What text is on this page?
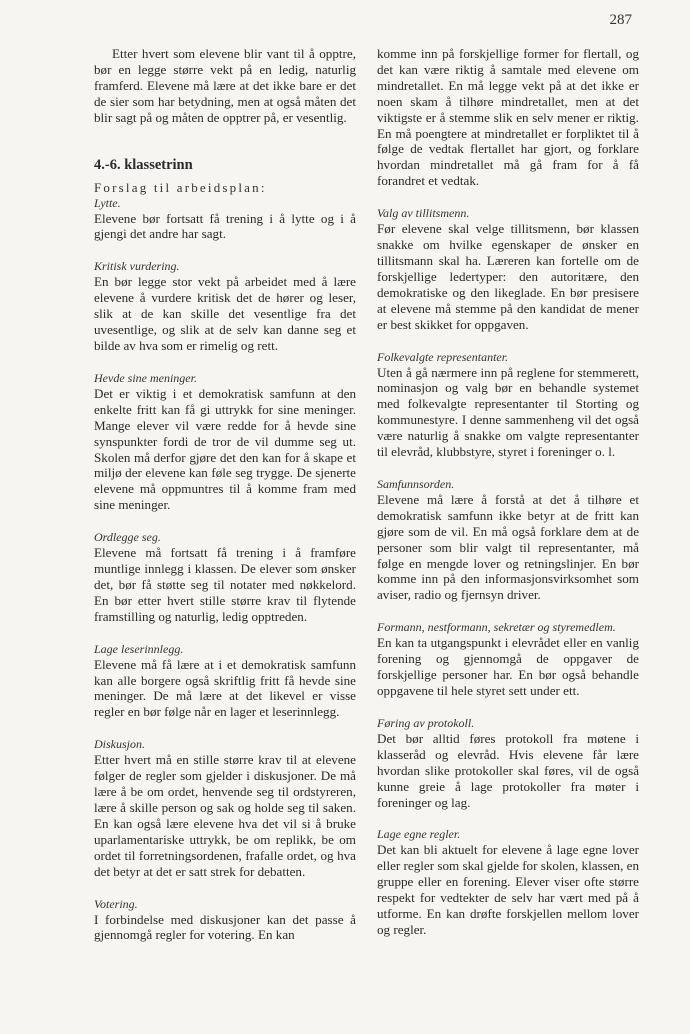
287

Etter hvert som elevene blir vant til å opptre, bør en legge større vekt på en ledig, naturlig framferd. Elevene må lære at det ikke bare er det de sier som har betydning, men at også måten det blir sagt på og måten de opptrer på, er vesentlig.

4.-6. klassetrinn

Forslag til arbeidsplan:

Lytte.

Elevene bør fortsatt få trening i å lytte og i å gjengi det andre har sagt.

Kritisk vurdering.

En bør legge stor vekt på arbeidet med å lære elevene å vurdere kritisk det de hører og leser, slik at de kan skille det vesentlige fra det uvesentlige, og slik at de selv kan danne seg et bilde av hva som er rimelig og rett.

Hevde sine meninger.

Det er viktig i et demokratisk samfunn at den enkelte fritt kan få gi uttrykk for sine meninger. Mange elever vil være redde for å hevde sine synspunkter fordi de tror de vil dumme seg ut. Skolen må derfor gjøre det den kan for å skape et miljø der elevene kan føle seg trygge. De sjenerte elevene må oppmuntres til å komme fram med sine meninger.

Ordlegge seg.

Elevene må fortsatt få trening i å framføre muntlige innlegg i klassen. De elever som ønsker det, bør få støtte seg til notater med nøkkelord. En bør etter hvert stille større krav til flytende framstilling og naturlig, ledig opptreden.

Lage leserinnlegg.

Elevene må få lære at i et demokratisk samfunn kan alle borgere også skriftlig fritt få hevde sine meninger. De må lære at det likevel er visse regler en bør følge når en lager et leserinnlegg.

Diskusjon.

Etter hvert må en stille større krav til at elevene følger de regler som gjelder i diskusjoner. De må lære å be om ordet, henvende seg til ordstyreren, lære å skille person og sak og holde seg til saken. En kan også lære elevene hva det vil si å bruke uparlamentariske uttrykk, be om replikk, be om ordet til forretningsordenen, frafalle ordet, og hva det betyr at det er satt strek for debatten.

Votering.

I forbindelse med diskusjoner kan det passe å gjennomgå regler for votering. En kan

komme inn på forskjellige former for flertall, og det kan være riktig å samtale med elevene om mindretallet. En må legge vekt på at det ikke er noen skam å tilhøre mindretallet, men at det viktigste er å stemme slik en selv mener er riktig. En må poengtere at mindretallet er forpliktet til å følge de vedtak flertallet har gjort, og forklare hvordan mindretallet må gå fram for å få forandret et vedtak.

Valg av tillitsmenn.

Før elevene skal velge tillitsmenn, bør klassen snakke om hvilke egenskaper de ønsker en tillitsmann skal ha. Læreren kan fortelle om de forskjellige ledertyper: den autoritære, den demokratiske og den likegladе. En bør presisere at elevene må stemme på den kandidat de mener er best skikket for oppgaven.

Folkevalgte representanter.

Uten å gå nærmere inn på reglene for stemmerett, nominasjon og valg bør en behandle systemet med folkevalgte representanter til Storting og kommunestyre. I denne sammenheng vil det også være naturlig å snakke om valgte representanter til elevråd, klubbstyre, styret i foreninger o. l.

Samfunnsorden.

Elevene må lære å forstå at det å tilhøre et demokratisk samfunn ikke betyr at de fritt kan gjøre som de vil. En må også forklare dem at de personer som blir valgt til representanter, må følge en mengde lover og retningslinjer. En bør komme inn på den informasjonsvirksomhet som aviser, radio og fjernsyn driver.

Formann, nestformann, sekretær og styremedlem.

En kan ta utgangspunkt i elevrådet eller en vanlig forening og gjennomgå de oppgaver de forskjellige personer har. En bør også behandle oppgavene til hele styret sett under ett.

Føring av protokoll.

Det bør alltid føres protokoll fra møtene i klasseråd og elevråd. Hvis elevene får lære hvordan slike protokoller skal føres, vil de også kunne greie å lage protokoller fra møter i foreninger og lag.

Lage egne regler.

Det kan bli aktuelt for elevene å lage egne lover eller regler som skal gjelde for skolen, klassen, en gruppe eller en forening. Elever viser ofte større respekt for vedtekter de selv har vært med på å utforme. En kan drøfte forskjellen mellom lover og regler.
